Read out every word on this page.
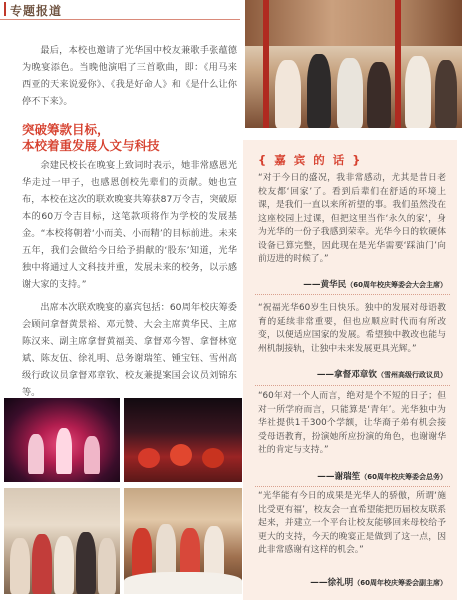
专题报道
最后，本校也邀请了光华国中校友兼歌手张蕴德为晚宴添色。当晚他演唱了三首歌曲，即：《用马来西亚的天来说爱你》、《我是好命人》和《是什么让你停不下来》。
突破筹款目标，
本校着重发展人文与科技
余建民校长在晚宴上致词时表示，她非常感恩光华走过一甲子，也感恩创校先辈们的贡献。她也宣布，本校在这次的联欢晚宴共筹获87万令吉，突破原本的60万令吉目标，这笔款项将作为学校的发展基金。“本校将朝着‘小而美、小而精’的目标前进。未来五年，我们会做给今日给予捐献的‘股东’知道，光华独中将通过人文科技并重，发展未来的校务，以示感谢大家的支持。”
出席本次联欢晚宴的嘉宾包括：60周年校庆筹委会顾问拿督黄景裕、邓元赞、大会主席黄华民、主席陈汉来、副主席拿督黄福美、拿督邓今智、拿督林宽斌、陈友伍、徐礼明、总务谢瑞笙、锺宝钰、雪州高级行政议员拿督邓章钦、校友兼提案国会议员刘锦东等。
{ 嘉 宾 的 话 }
“对于今日的盛况，我非常感动，尤其是昔日老校友都‘回家’了。看到后辈们在舒适的环境上课，是我们一直以来所祈望的事。我们虽然没在这座校园上过课，但把这里当作‘永久的家’，身为光华的一份子我感到荣幸。光华今日的软硬体设备已算完整，因此现在是光华需要‘踩油门’向前迈进的时候了。”
——黄华民（60周年校庆筹委会大会主席）
“祝福光华60岁生日快乐。独中的发展对母语教育的延续非常重要，但也应顺应时代而有所改变，以便适应国家的发展。希望独中教改也能与州机制接轨，让独中未来发展更具光辉。”
——拿督邓章钦（雪州高级行政议员）
“60年对一个人而言，绝对是个不短的日子；但对一所学府而言，只能算是‘青年’。光华独中为华社提供1千300个学额，让华裔子弟有机会接受母语教育，扮演她所应扮演的角色，也谢谢华社的肯定与支持。”
——谢瑞笙（60周年校庆筹委会总务）
“光华能有今日的成果是光华人的骄傲，所谓‘施比受更有福’，校友会一直希望能把历届校友联系起来，并建立一个平台让校友能够回来母校给予更大的支持，今天的晚宴正是做到了这一点，因此非常感谢有这样的机会。”
——徐礼明（60周年校庆筹委会副主席）
